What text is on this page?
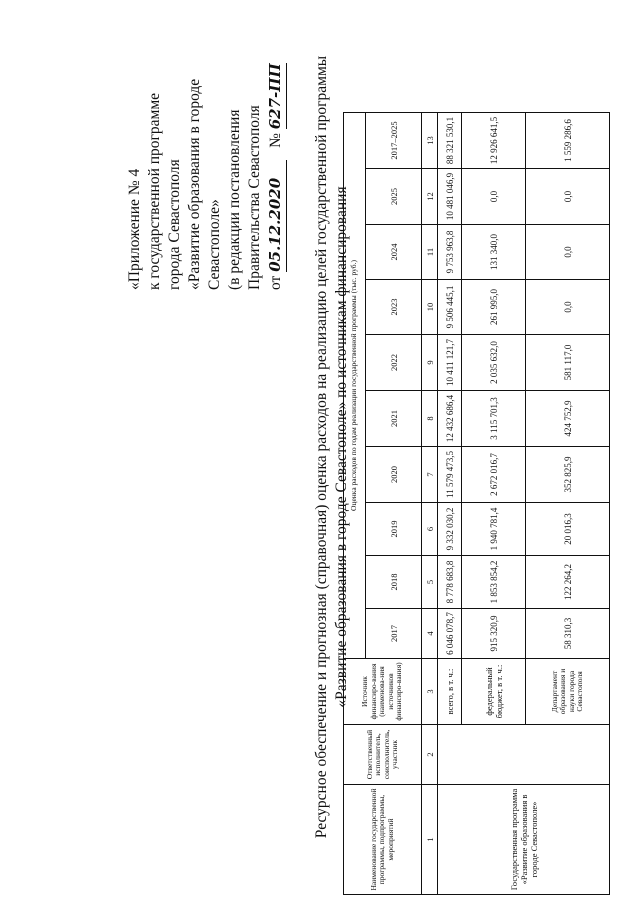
«Приложение № 4 к государственной программе города Севастополя «Развитие образования в городе Севастополе» (в редакции постановления Правительства Севастополя от 05.12.2020 № 627-ПП Ресурсное обеспечение и прогнозная (справочная) оценка расходов на реализацию целей государственной программы «Развитие образования в городе Севастополе» по источникам финансирования
Наименование государственной программы, подпрограммы, мероприятий	Ответственный исполнитель, соисполнитель, участник	Источник финансиро-вания (наименова-ния источников финансиро-вания)	Оценка расходов по годам реализации государственной программы (тыс. руб.)									
			2017	2018	2019	2020	2021	2022	2023	2024	2025	2017–2025
1	2	3	4	5	6	7	8	9	10	11	12	13
Государственная программа «Развитие образования в городе Севастополе»		всего, в т. ч.:	6 046 078,7	8 778 683,8	9 332 030,2	11 579 473,5	12 432 686,4	10 411 121,7	9 506 445,1	9 753 963,8	10 481 046,9	88 321 530,1
		федеральный бюджет, в т. ч.:	915 320,9	1 853 854,2	1 940 781,4	2 672 016,7	3 115 701,3	2 035 632,0	261 995,0	131 340,0	0,0	12 926 641,5
		Департамент образования и науки города Севастополя	58 310,3	122 264,2	20 016,3	352 825,9	424 752,9	581 117,0	0,0	0,0	0,0	1 559 286,6
